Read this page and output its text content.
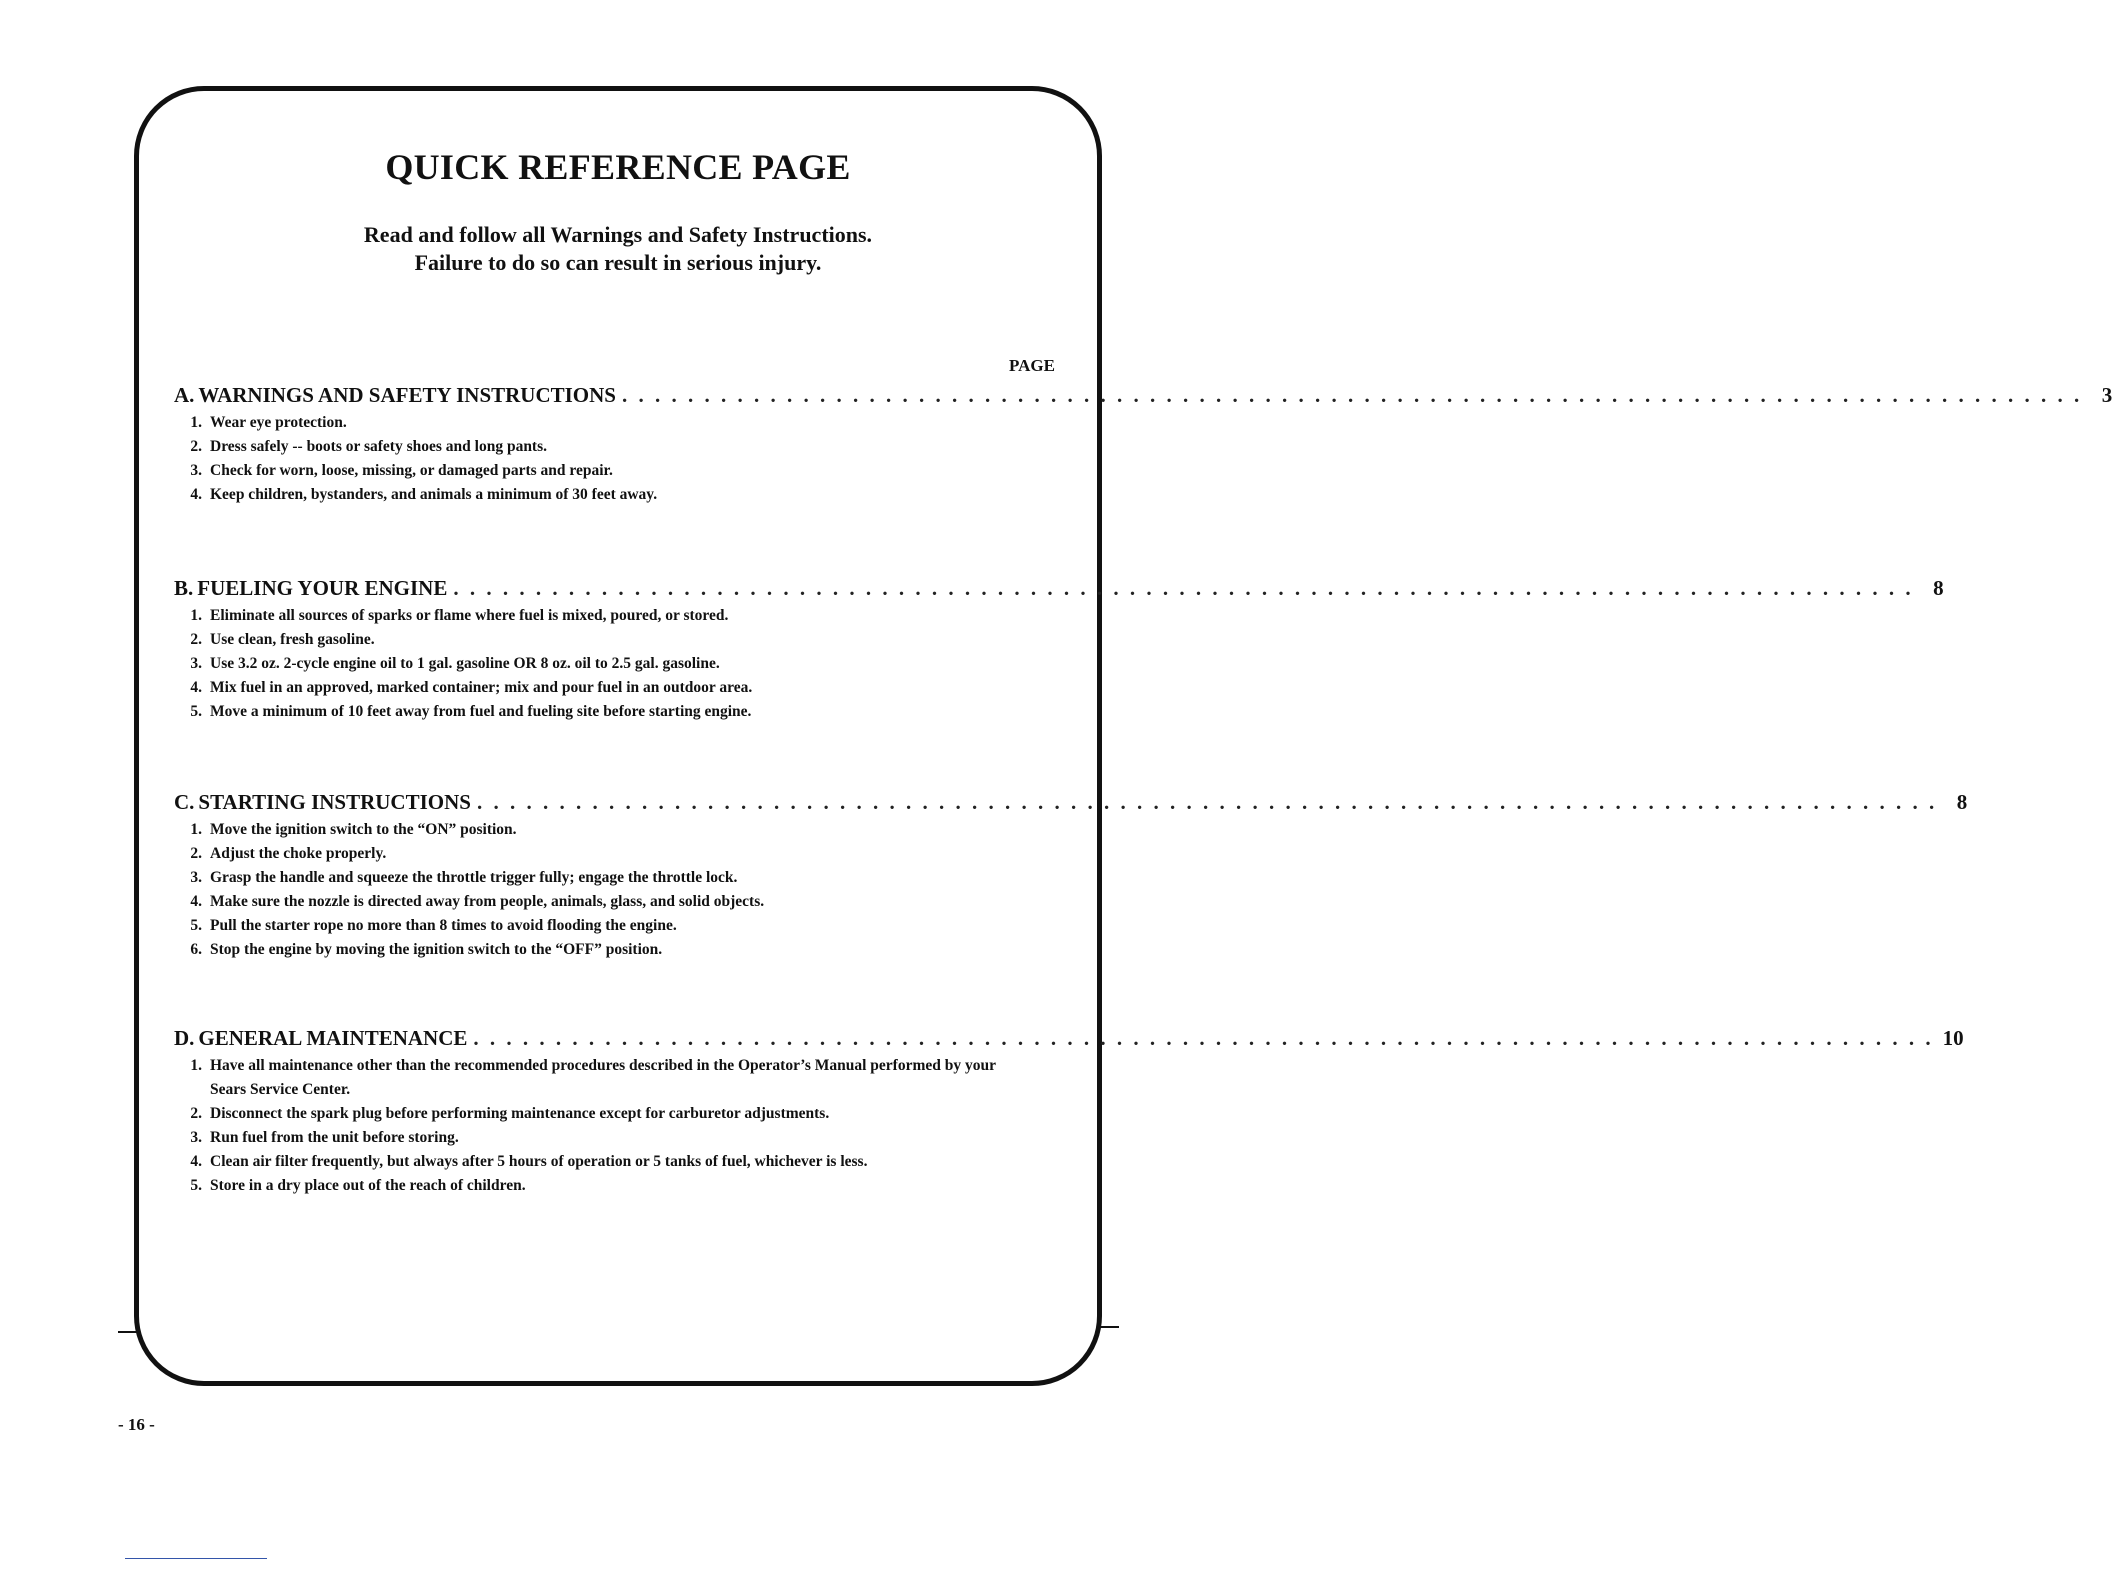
QUICK REFERENCE PAGE
Read and follow all Warnings and Safety Instructions.
Failure to do so can result in serious injury.
PAGE
A. WARNINGS AND SAFETY INSTRUCTIONS . . . . . . . . . . . . . . . . . . . . . . . . . . . . . . . . . . . . . . . . . . . . . . . . . . . . . . . . . . . . . . . . . . . . . . . . . . . . . . . . . . . . . . . . . 3
1. Wear eye protection.
2. Dress safely -- boots or safety shoes and long pants.
3. Check for worn, loose, missing, or damaged parts and repair.
4. Keep children, bystanders, and animals a minimum of 30 feet away.
B. FUELING YOUR ENGINE . . . . . . . . . . . . . . . . . . . . . . . . . . . . . . . . . . . . . . . . . . . . . . . . . . . . . . . . . . . . . . . . . . . . . . . . . . . . . . . . . . . . . . . . . 8
1. Eliminate all sources of sparks or flame where fuel is mixed, poured, or stored.
2. Use clean, fresh gasoline.
3. Use 3.2 oz. 2-cycle engine oil to 1 gal. gasoline OR 8 oz. oil to 2.5 gal. gasoline.
4. Mix fuel in an approved, marked container; mix and pour fuel in an outdoor area.
5. Move a minimum of 10 feet away from fuel and fueling site before starting engine.
C. STARTING INSTRUCTIONS . . . . . . . . . . . . . . . . . . . . . . . . . . . . . . . . . . . . . . . . . . . . . . . . . . . . . . . . . . . . . . . . . . . . . . . . . . . . . . . . . . . . . . . . . 8
1. Move the ignition switch to the “ON” position.
2. Adjust the choke properly.
3. Grasp the handle and squeeze the throttle trigger fully; engage the throttle lock.
4. Make sure the nozzle is directed away from people, animals, glass, and solid objects.
5. Pull the starter rope no more than 8 times to avoid flooding the engine.
6. Stop the engine by moving the ignition switch to the “OFF” position.
D. GENERAL MAINTENANCE . . . . . . . . . . . . . . . . . . . . . . . . . . . . . . . . . . . . . . . . . . . . . . . . . . . . . . . . . . . . . . . . . . . . . . . . . . . . . . . . . . . . . . . . . 10
1. Have all maintenance other than the recommended procedures described in the Operator’s Manual performed by your Sears Service Center.
2. Disconnect the spark plug before performing maintenance except for carburetor adjustments.
3. Run fuel from the unit before storing.
4. Clean air filter frequently, but always after 5 hours of operation or 5 tanks of fuel, whichever is less.
5. Store in a dry place out of the reach of children.
- 16 -
